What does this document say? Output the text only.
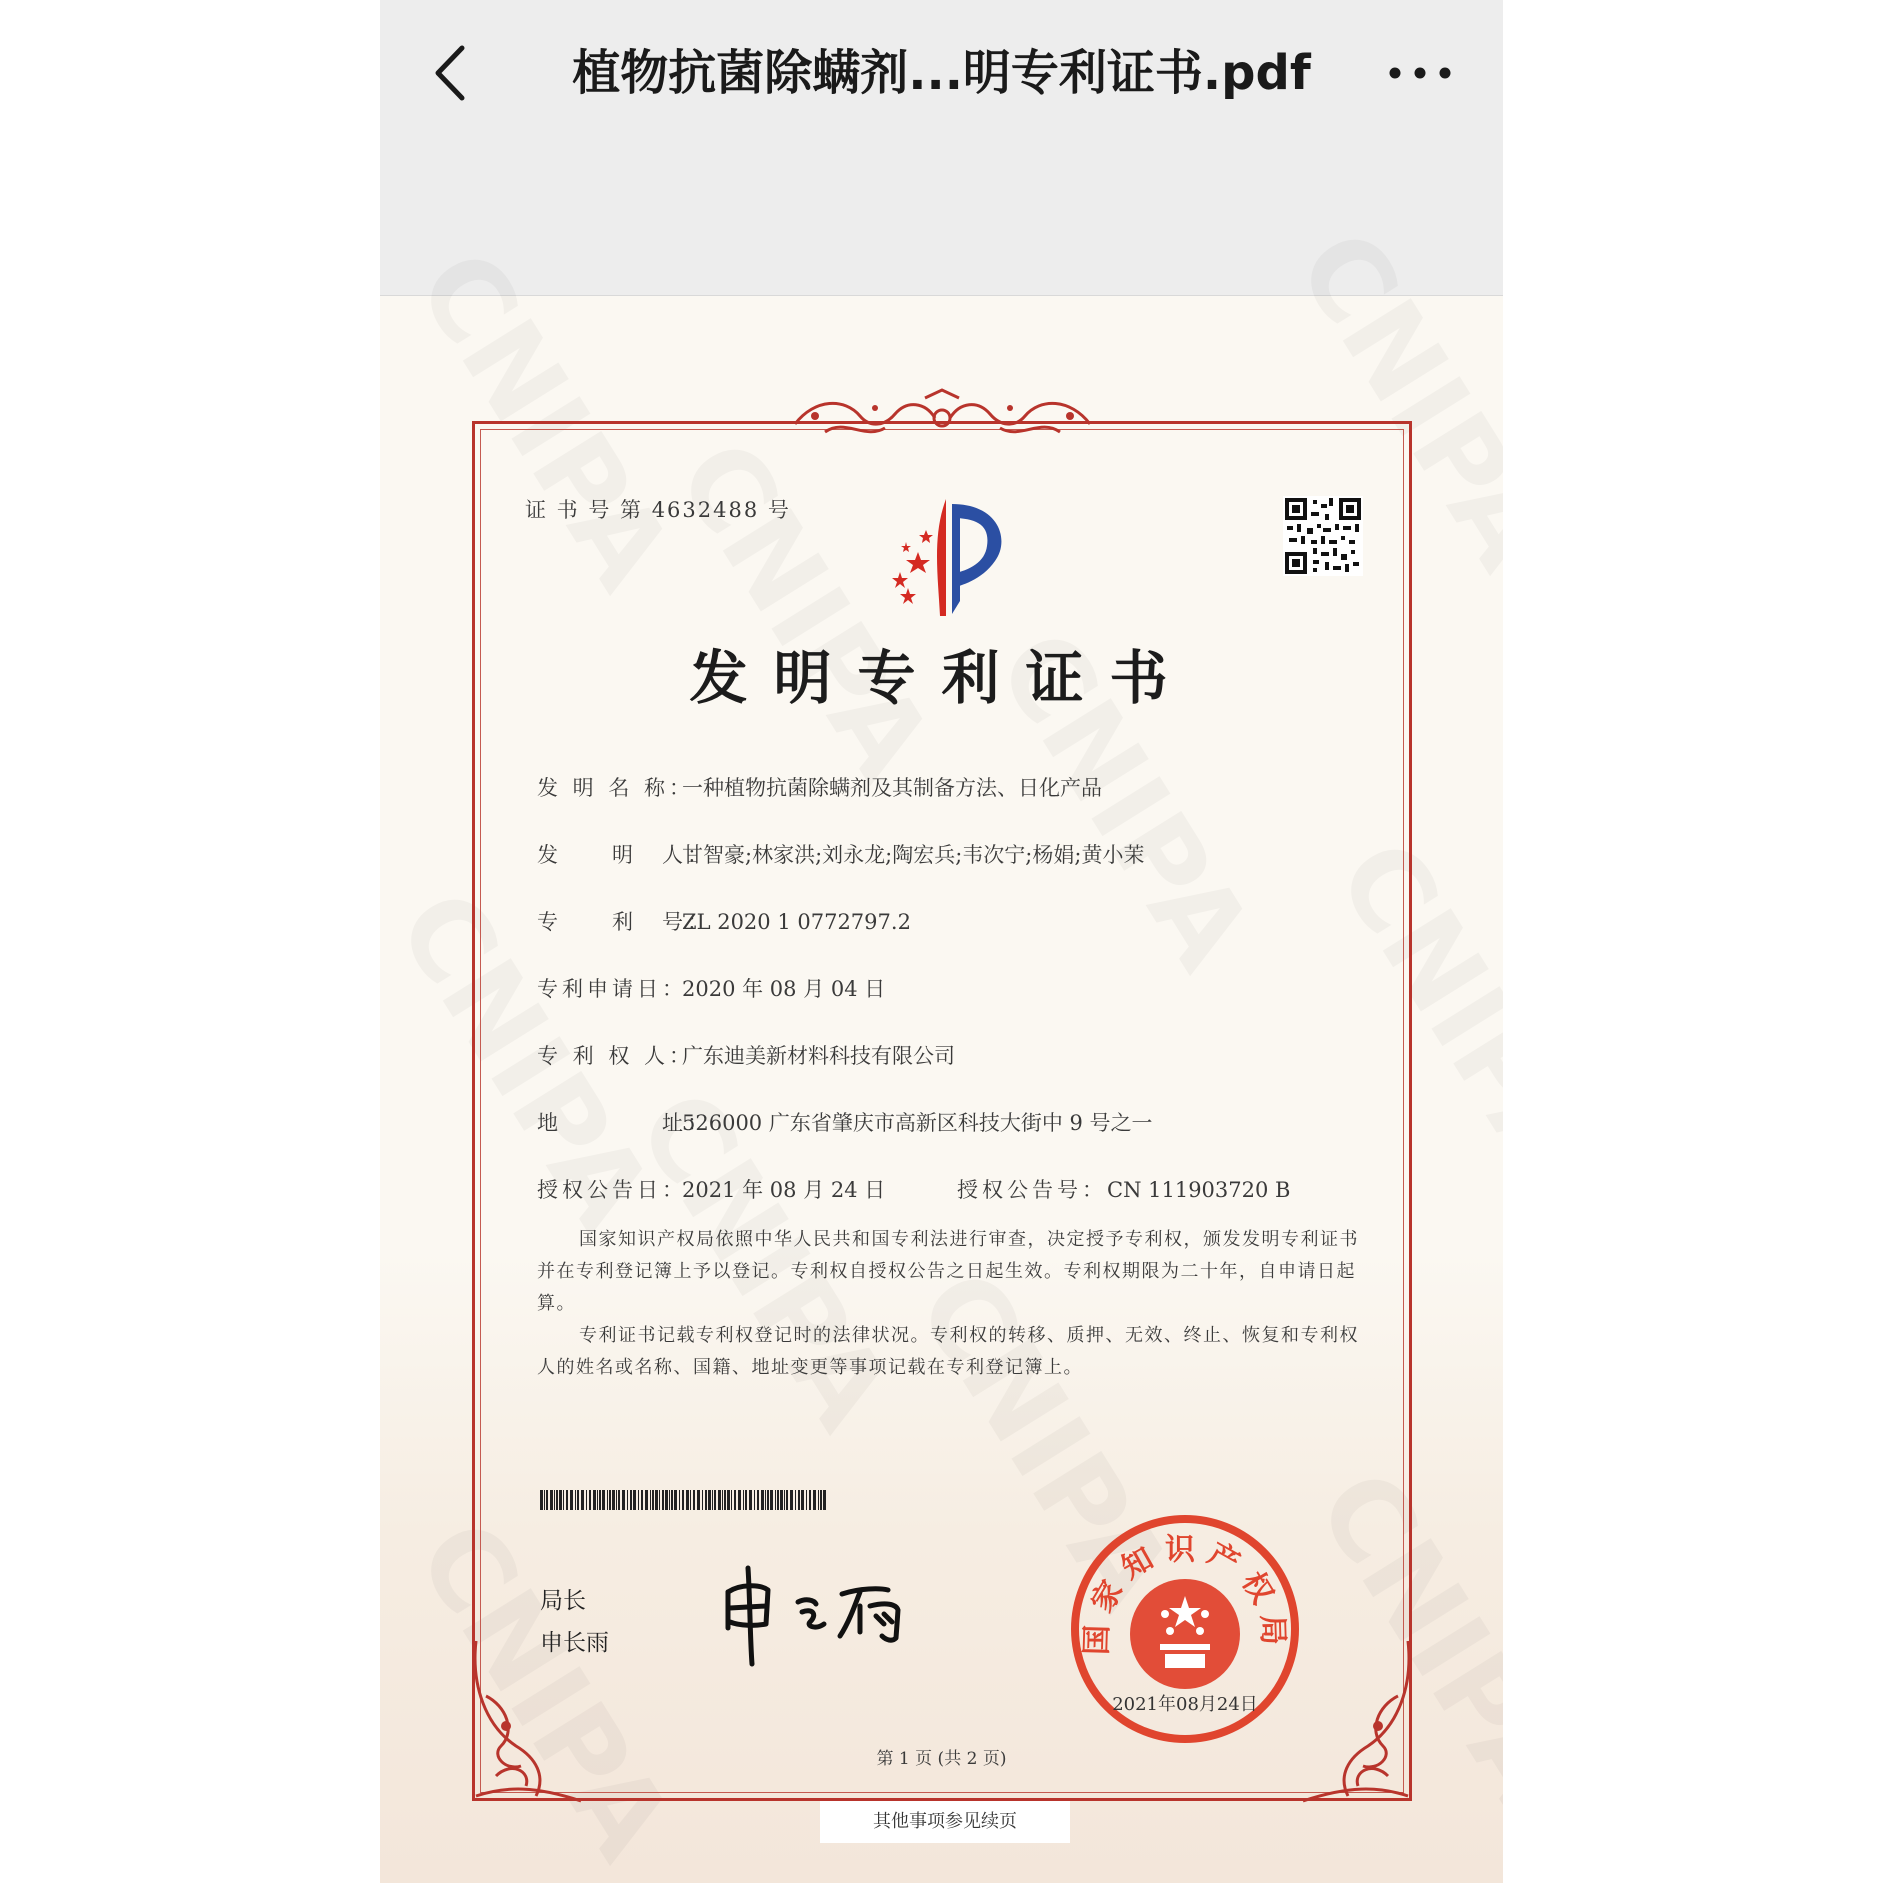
植物抗菌除螨剂...明专利证书.pdf
证 书 号 第 4632488 号
发明专利证书
发 明 名 称：一种植物抗菌除螨剂及其制备方法、日化产品
发　　明　人：甘智豪;林家洪;刘永龙;陶宏兵;韦次宁;杨娟;黄小茉
专　　利　号：ZL 2020 1 0772797.2
专利申请日：2020 年 08 月 04 日
专 利 权 人：广东迪美新材料科技有限公司
地　　　　址：526000 广东省肇庆市高新区科技大街中 9 号之一
授权公告日：2021 年 08 月 24 日	授权公告号：CN 111903720 B
国家知识产权局依照中华人民共和国专利法进行审查，决定授予专利权，颁发发明专利证书并在专利登记簿上予以登记。专利权自授权公告之日起生效。专利权期限为二十年，自申请日起算。
专利证书记载专利权登记时的法律状况。专利权的转移、质押、无效、终止、恢复和专利权人的姓名或名称、国籍、地址变更等事项记载在专利登记簿上。
局长
申长雨	国家知识产权局
2021年08月24日
第 1 页 (共 2 页)
其他事项参见续页
